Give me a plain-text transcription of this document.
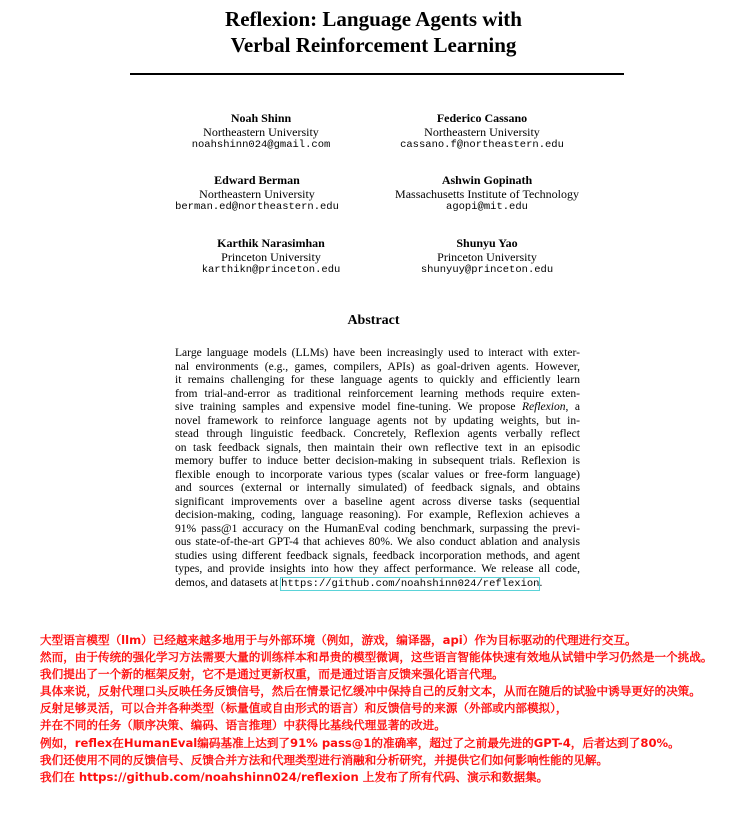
Reflexion: Language Agents with
Verbal Reinforcement Learning
Noah Shinn
Northeastern University
noahshinn024@gmail.com
Federico Cassano
Northeastern University
cassano.f@northeastern.edu
Edward Berman
Northeastern University
berman.ed@northeastern.edu
Ashwin Gopinath
Massachusetts Institute of Technology
agopi@mit.edu
Karthik Narasimhan
Princeton University
karthikn@princeton.edu
Shunyu Yao
Princeton University
shunyuy@princeton.edu
Abstract
Large language models (LLMs) have been increasingly used to interact with exter-
nal environments (e.g., games, compilers, APIs) as goal-driven agents. However,
it remains challenging for these language agents to quickly and efficiently learn
from trial-and-error as traditional reinforcement learning methods require exten-
sive training samples and expensive model fine-tuning. We propose Reflexion, a
novel framework to reinforce language agents not by updating weights, but in-
stead through linguistic feedback. Concretely, Reflexion agents verbally reflect
on task feedback signals, then maintain their own reflective text in an episodic
memory buffer to induce better decision-making in subsequent trials. Reflexion is
flexible enough to incorporate various types (scalar values or free-form language)
and sources (external or internally simulated) of feedback signals, and obtains
significant improvements over a baseline agent across diverse tasks (sequential
decision-making, coding, language reasoning). For example, Reflexion achieves a
91% pass@1 accuracy on the HumanEval coding benchmark, surpassing the previ-
ous state-of-the-art GPT-4 that achieves 80%. We also conduct ablation and analysis
studies using different feedback signals, feedback incorporation methods, and agent
types, and provide insights into how they affect performance. We release all code,
demos, and datasets at https://github.com/noahshinn024/reflexion.
大型语言模型（llm）已经越来越多地用于与外部环境（例如，游戏，编译器，api）作为目标驱动的代理进行交互。
然而，由于传统的强化学习方法需要大量的训练样本和昂贵的模型微调，这些语言智能体快速有效地从试错中学习仍然是一个挑战。
我们提出了一个新的框架反射，它不是通过更新权重，而是通过语言反馈来强化语言代理。
具体来说，反射代理口头反映任务反馈信号，然后在情景记忆缓冲中保持自己的反射文本，从而在随后的试验中诱导更好的决策。
反射足够灵活，可以合并各种类型（标量值或自由形式的语言）和反馈信号的来源（外部或内部模拟），
并在不同的任务（顺序决策、编码、语言推理）中获得比基线代理显著的改进。
例如，reflex在HumanEval编码基准上达到了91% pass@1的准确率，超过了之前最先进的GPT-4，后者达到了80%。
我们还使用不同的反馈信号、反馈合并方法和代理类型进行消融和分析研究，并提供它们如何影响性能的见解。
我们在 https://github.com/noahshinn024/reflexion 上发布了所有代码、演示和数据集。
